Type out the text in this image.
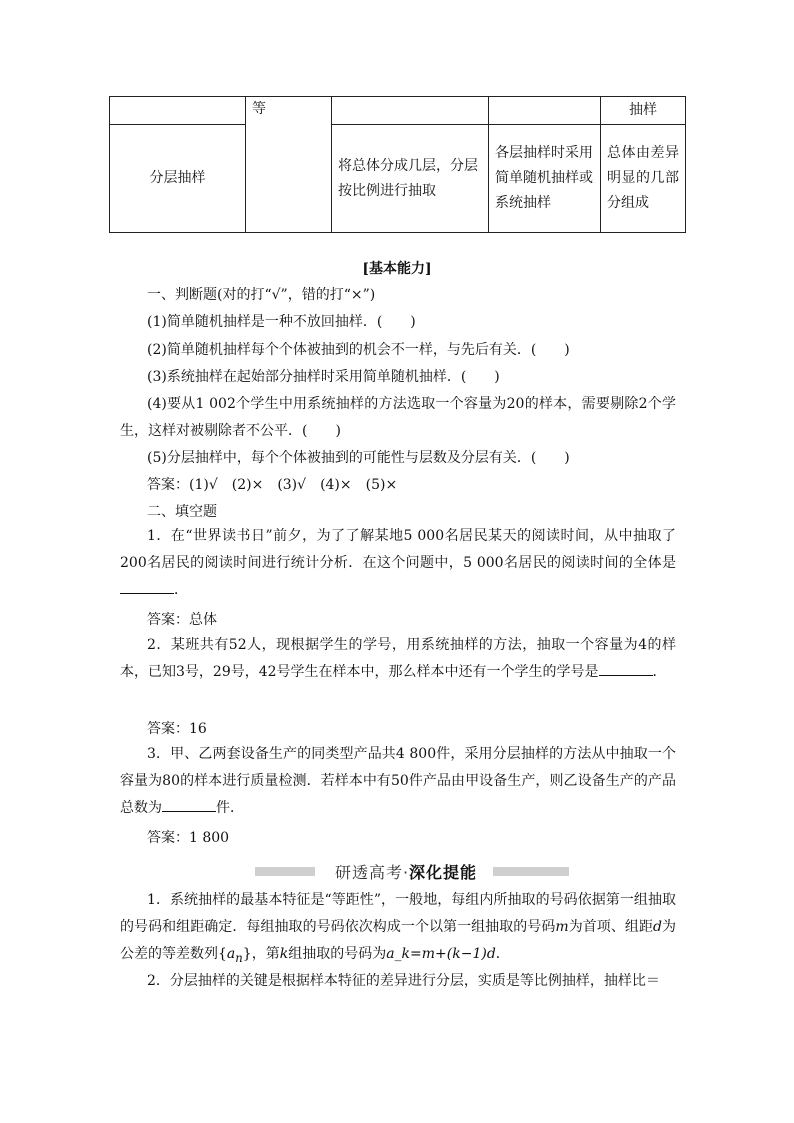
	等			抽样
分层抽样		将总体分成几层，分层按比例进行抽取	各层抽样时采用简单随机抽样或系统抽样	总体由差异明显的几部分组成
[基本能力]
一、判断题(对的打“√”，错的打“×”)
(1)简单随机抽样是一种不放回抽样．(　　)
(2)简单随机抽样每个个体被抽到的机会不一样，与先后有关．(　　)
(3)系统抽样在起始部分抽样时采用简单随机抽样．(　　)
(4)要从1 002个学生中用系统抽样的方法选取一个容量为20的样本，需要剔除2个学生，这样对被剔除者不公平．(　　)
(5)分层抽样中，每个个体被抽到的可能性与层数及分层有关．(　　)
答案：(1)√　(2)×　(3)√　(4)×　(5)×
二、填空题
1．在“世界读书日”前夕，为了了解某地5 000名居民某天的阅读时间，从中抽取了200名居民的阅读时间进行统计分析．在这个问题中，5 000名居民的阅读时间的全体是．
答案：总体
2．某班共有52人，现根据学生的学号，用系统抽样的方法，抽取一个容量为4的样本，已知3号，29号，42号学生在样本中，那么样本中还有一个学生的学号是	．
答案：16
3．甲、乙两套设备生产的同类型产品共4 800件，采用分层抽样的方法从中抽取一个容量为80的样本进行质量检测．若样本中有50件产品由甲设备生产，则乙设备生产的产品总数为	件．
答案：1 800
研透高考·深化提能
1．系统抽样的最基本特征是“等距性”，一般地，每组内所抽取的号码依据第一组抽取的号码和组距确定．每组抽取的号码依次构成一个以第一组抽取的号码m为首项、组距d为公差的等差数列$\{a_n\}$，第k组抽取的号码为a_k=m+(k−1)d．
2．分层抽样的关键是根据样本特征的差异进行分层，实质是等比例抽样，抽样比＝
